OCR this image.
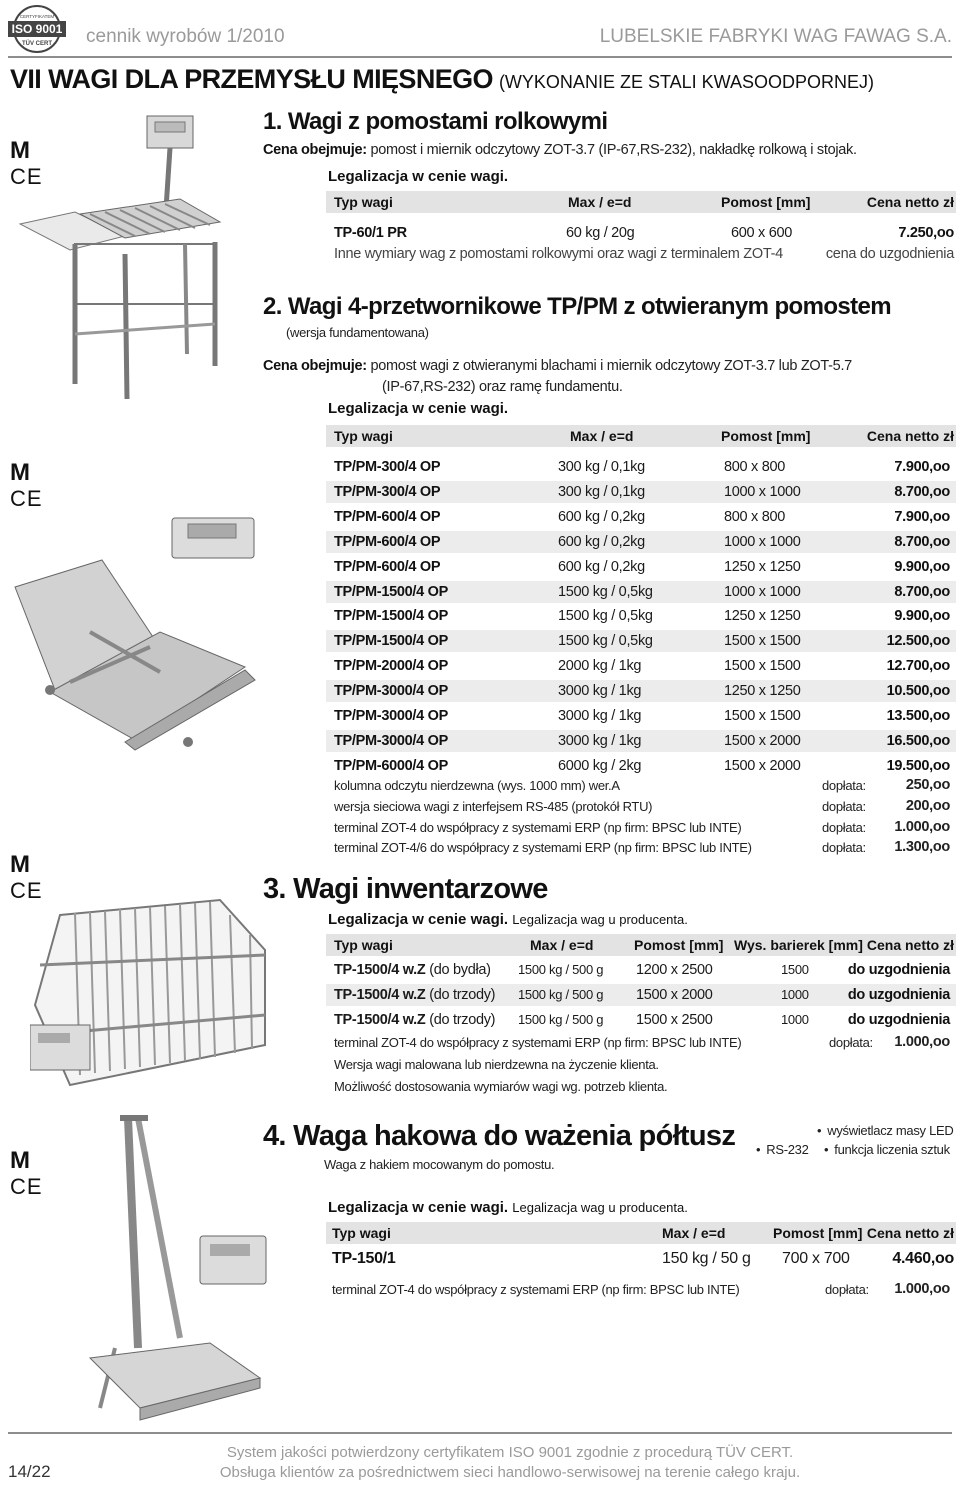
ISO 9001
CERTYFIKATEM
TÜV CERT cennik wyrobów 1/2010	LUBELSKIE FABRYKI WAG FAWAG S.A.
VII WAGI DLA PRZEMYSŁU MIĘSNEGO (WYKONANIE ZE STALI KWASOODPORNEJ)
M
CE
M
CE
M
CE
M
CE
1. Wagi z pomostami rolkowymi
Cena obejmuje: pomost i miernik odczytowy ZOT-3.7 (IP-67,RS-232), nakładkę rolkową i stojak.
Legalizacja w cenie wagi.
Typ wagi	Max / e=d	Pomost [mm]	Cena netto zł
TP-60/1 PR	60 kg / 20g	600 x 600	7.250,oo
Inne wymiary wag z pomostami rolkowymi oraz wagi z terminalem ZOT-4	cena do uzgodnienia
2. Wagi 4-przetwornikowe TP/PM z otwieranym pomostem
(wersja fundamentowana)
Cena obejmuje: pomost wagi z otwieranymi blachami i miernik odczytowy ZOT-3.7 lub ZOT-5.7
(IP-67,RS-232) oraz ramę fundamentu.
Legalizacja w cenie wagi.
Typ wagi	Max / e=d	Pomost [mm]	Cena netto zł
TP/PM-300/4 OP	300 kg / 0,1kg	800 x 800	7.900,oo
TP/PM-300/4 OP	300 kg / 0,1kg	1000 x 1000	8.700,oo
TP/PM-600/4 OP	600 kg / 0,2kg	800 x 800	7.900,oo
TP/PM-600/4 OP	600 kg / 0,2kg	1000 x 1000	8.700,oo
TP/PM-600/4 OP	600 kg / 0,2kg	1250 x 1250	9.900,oo
TP/PM-1500/4 OP	1500 kg / 0,5kg	1000 x 1000	8.700,oo
TP/PM-1500/4 OP	1500 kg / 0,5kg	1250 x 1250	9.900,oo
TP/PM-1500/4 OP	1500 kg / 0,5kg	1500 x 1500	12.500,oo
TP/PM-2000/4 OP	2000 kg / 1kg	1500 x 1500	12.700,oo
TP/PM-3000/4 OP	3000 kg / 1kg	1250 x 1250	10.500,oo
TP/PM-3000/4 OP	3000 kg / 1kg	1500 x 1500	13.500,oo
TP/PM-3000/4 OP	3000 kg / 1kg	1500 x 2000	16.500,oo
TP/PM-6000/4 OP	6000 kg / 2kg	1500 x 2000	19.500,oo
kolumna odczytu nierdzewna (wys. 1000 mm) wer.A	dopłata:	250,oo
wersja sieciowa wagi z interfejsem RS-485 (protokół RTU)	dopłata:	200,oo
terminal ZOT-4 do współpracy z systemami ERP (np firm: BPSC lub INTE)	dopłata: 1.000,oo
terminal ZOT-4/6 do współpracy z systemami ERP (np firm: BPSC lub INTE)	dopłata: 1.300,oo
3. Wagi inwentarzowe
Legalizacja w cenie wagi. Legalizacja wag u producenta.
Typ wagi	Max / e=d	Pomost [mm] Wys. barierek [mm] Cena netto zł
TP-1500/4 w.Z (do bydła) 1500 kg / 500 g 1200 x 2500	1500	do uzgodnienia
TP-1500/4 w.Z (do trzody) 1500 kg / 500 g 1500 x 2000	1000	do uzgodnienia
TP-1500/4 w.Z (do trzody) 1500 kg / 500 g 1500 x 2500	1000	do uzgodnienia
terminal ZOT-4 do współpracy z systemami ERP (np firm: BPSC lub INTE)	dopłata: 1.000,oo
Wersja wagi malowana lub nierdzewna na życzenie klienta.
Możliwość dostosowania wymiarów wagi wg. potrzeb klienta.
4. Waga hakowa do ważenia półtusz
Waga z hakiem mocowanym do pomostu.
• wyświetlacz masy LED
• RS-232
•	funkcja liczenia sztuk
Legalizacja w cenie wagi. Legalizacja wag u producenta.
Typ wagi	Max / e=d	Pomost [mm] Cena netto zł
TP-150/1	150 kg / 50 g 700 x 700	4.460,oo
terminal ZOT-4 do współpracy z systemami ERP (np firm: BPSC lub INTE)	dopłata: 1.000,oo
14/22
System jakości potwierdzony certyfikatem ISO 9001 zgodnie z procedurą TÜV CERT.
Obsługa klientów za pośrednictwem sieci handlowo-serwisowej na terenie całego kraju.
